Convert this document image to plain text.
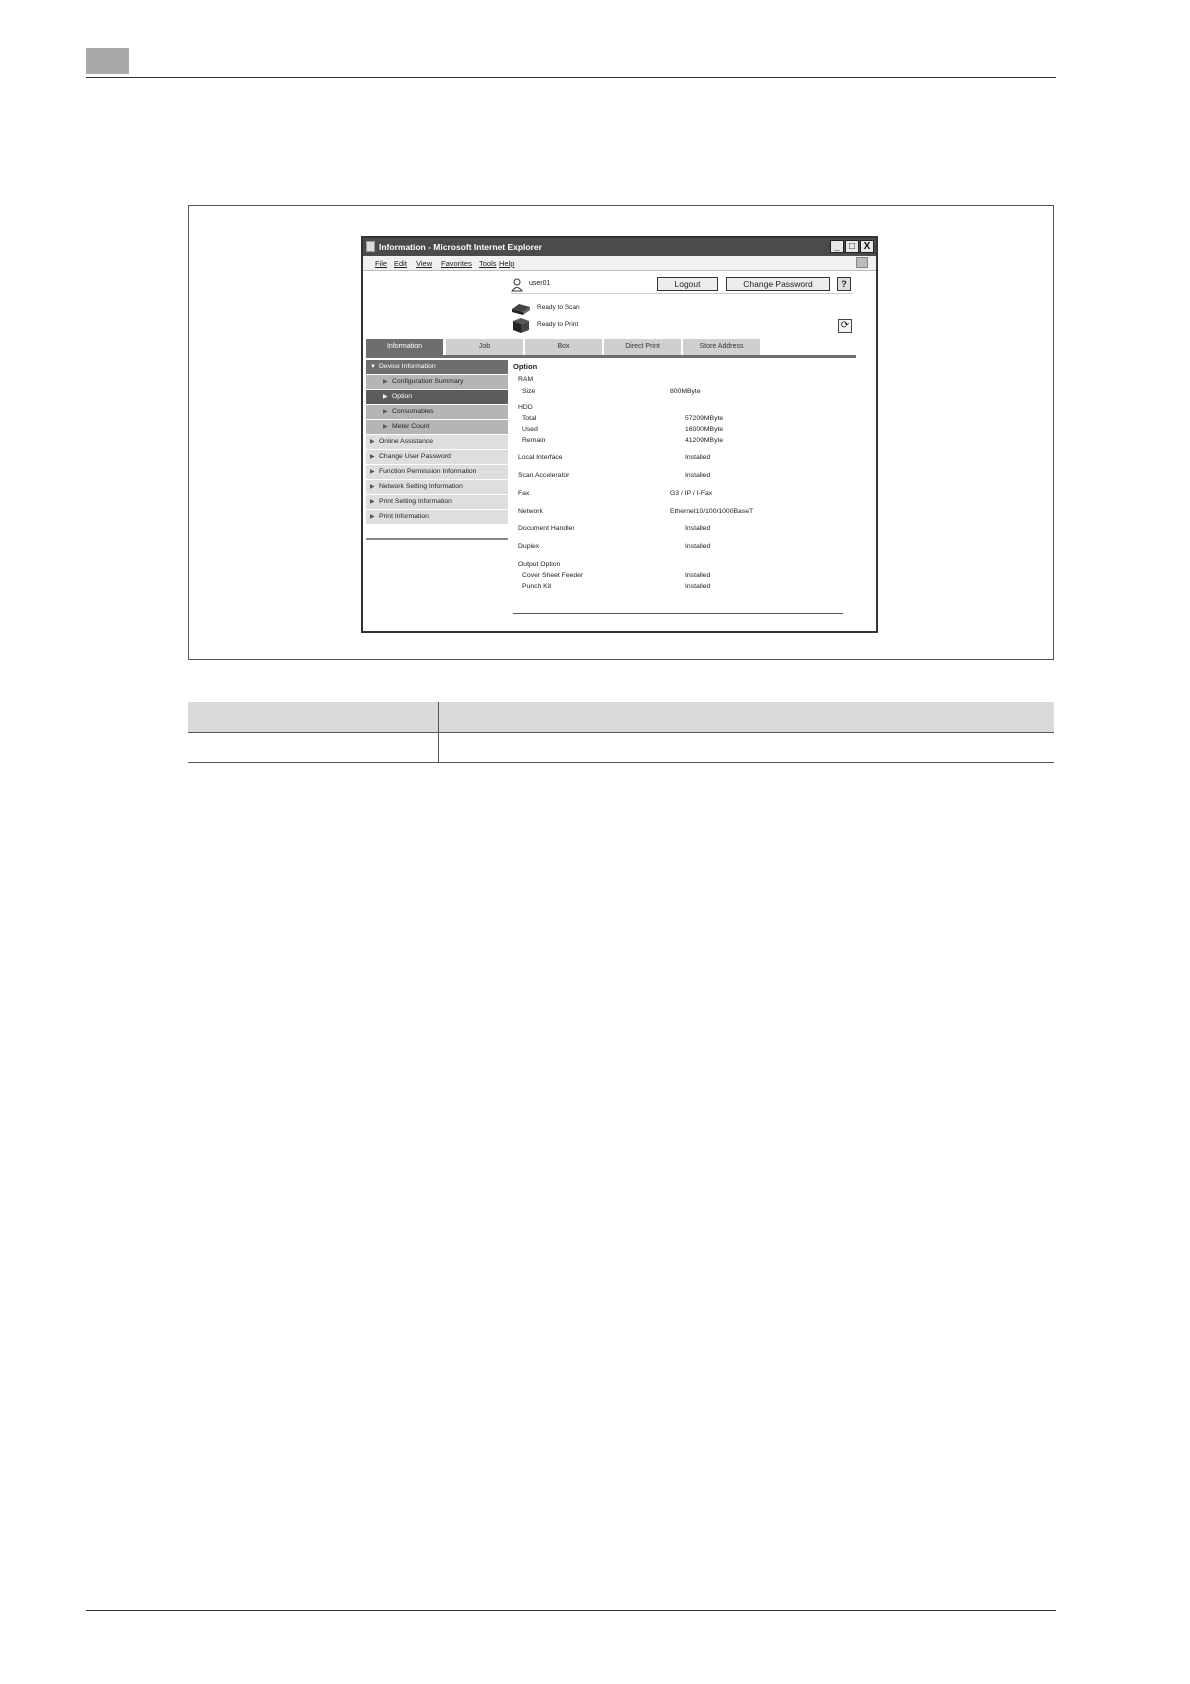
Information - Microsoft Internet Explorer	_ □ X
File Edit View Favorites Tools Help
user01	Logout	Change Password	?
Ready to Scan
Ready to Print	⟳
Information	Job	Box	Direct Print	Store Address
▼ Device Information
▶ Configuration Summary
▶ Option
▶ Consumables
▶ Meter Count
▶ Online Assistance
▶ Change User Password
▶ Function Permission Information
▶ Network Setting Information
▶ Print Setting Information
▶ Print Information
Option
RAM
Size	800MByte
HDD
Total	57209MByte
Used	16000MByte
Remain	41209MByte
Local Interface	Installed
Scan Accelerator	Installed
Fax	G3 / IP / I-Fax
Network	Ethernet10/100/1000BaseT
Document Handler	Installed
Duplex	Installed
Output Option
Cover Sheet Feeder	Installed
Punch Kit	Installed
